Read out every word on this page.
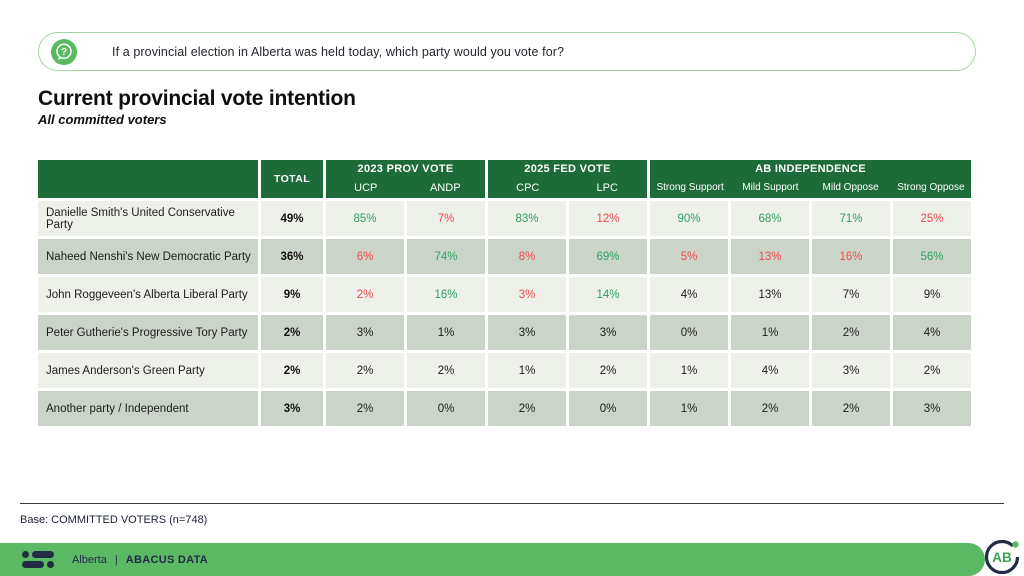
?	If a provincial election in Alberta was held today, which party would you vote for?
Current provincial vote intention
All committed voters
TOTAL
2023 PROV VOTE
UCP	ANDP
2025 FED VOTE
CPC	LPC
AB INDEPENDENCE
Strong Support	Mild Support	Mild Oppose	Strong Oppose
Danielle Smith's United Conservative Party	49%	85%	7%	83%	12%	90%	68%	71%	25%
Naheed Nenshi's New Democratic Party	36%	6%	74%	8%	69%	5%	13%	16%	56%
John Roggeveen's Alberta Liberal Party	9%	2%	16%	3%	14%	4%	13%	7%	9%
Peter Gutherie's Progressive Tory Party	2%	3%	1%	3%	3%	0%	1%	2%	4%
James Anderson's Green Party	2%	2%	2%	1%	2%	1%	4%	3%	2%
Another party / Independent	3%	2%	0%	2%	0%	1%	2%	2%	3%
Base: COMMITTED VOTERS (n=748)
Alberta | ABACUS DATA	AB
